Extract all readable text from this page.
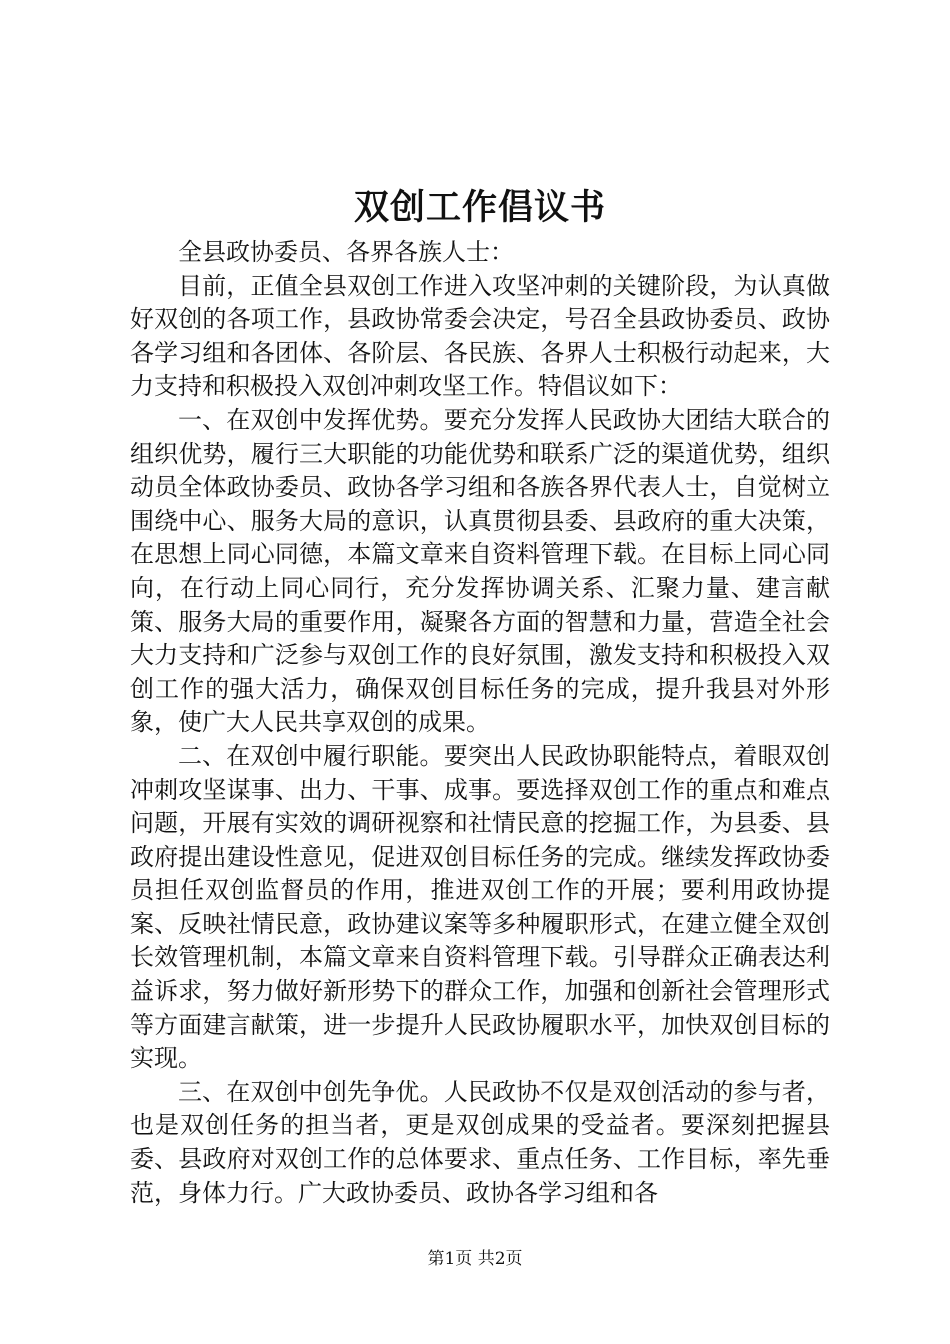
双创工作倡议书

全县政协委员、各界各族人士：

目前，正值全县双创工作进入攻坚冲刺的关键阶段，为认真做好双创的各项工作，县政协常委会决定，号召全县政协委员、政协各学习组和各团体、各阶层、各民族、各界人士积极行动起来，大力支持和积极投入双创冲刺攻坚工作。特倡议如下：

一、在双创中发挥优势。要充分发挥人民政协大团结大联合的组织优势，履行三大职能的功能优势和联系广泛的渠道优势，组织动员全体政协委员、政协各学习组和各族各界代表人士，自觉树立围绕中心、服务大局的意识，认真贯彻县委、县政府的重大决策，在思想上同心同德，本篇文章来自资料管理下载。在目标上同心同向，在行动上同心同行，充分发挥协调关系、汇聚力量、建言献策、服务大局的重要作用，凝聚各方面的智慧和力量，营造全社会大力支持和广泛参与双创工作的良好氛围，激发支持和积极投入双创工作的强大活力，确保双创目标任务的完成，提升我县对外形象，使广大人民共享双创的成果。

二、在双创中履行职能。要突出人民政协职能特点，着眼双创冲刺攻坚谋事、出力、干事、成事。要选择双创工作的重点和难点问题，开展有实效的调研视察和社情民意的挖掘工作，为县委、县政府提出建设性意见，促进双创目标任务的完成。继续发挥政协委员担任双创监督员的作用，推进双创工作的开展；要利用政协提案、反映社情民意，政协建议案等多种履职形式，在建立健全双创长效管理机制，本篇文章来自资料管理下载。引导群众正确表达利益诉求，努力做好新形势下的群众工作，加强和创新社会管理形式等方面建言献策，进一步提升人民政协履职水平，加快双创目标的实现。

三、在双创中创先争优。人民政协不仅是双创活动的参与者，也是双创任务的担当者，更是双创成果的受益者。要深刻把握县委、县政府对双创工作的总体要求、重点任务、工作目标，率先垂范，身体力行。广大政协委员、政协各学习组和各

第1页 共2页
